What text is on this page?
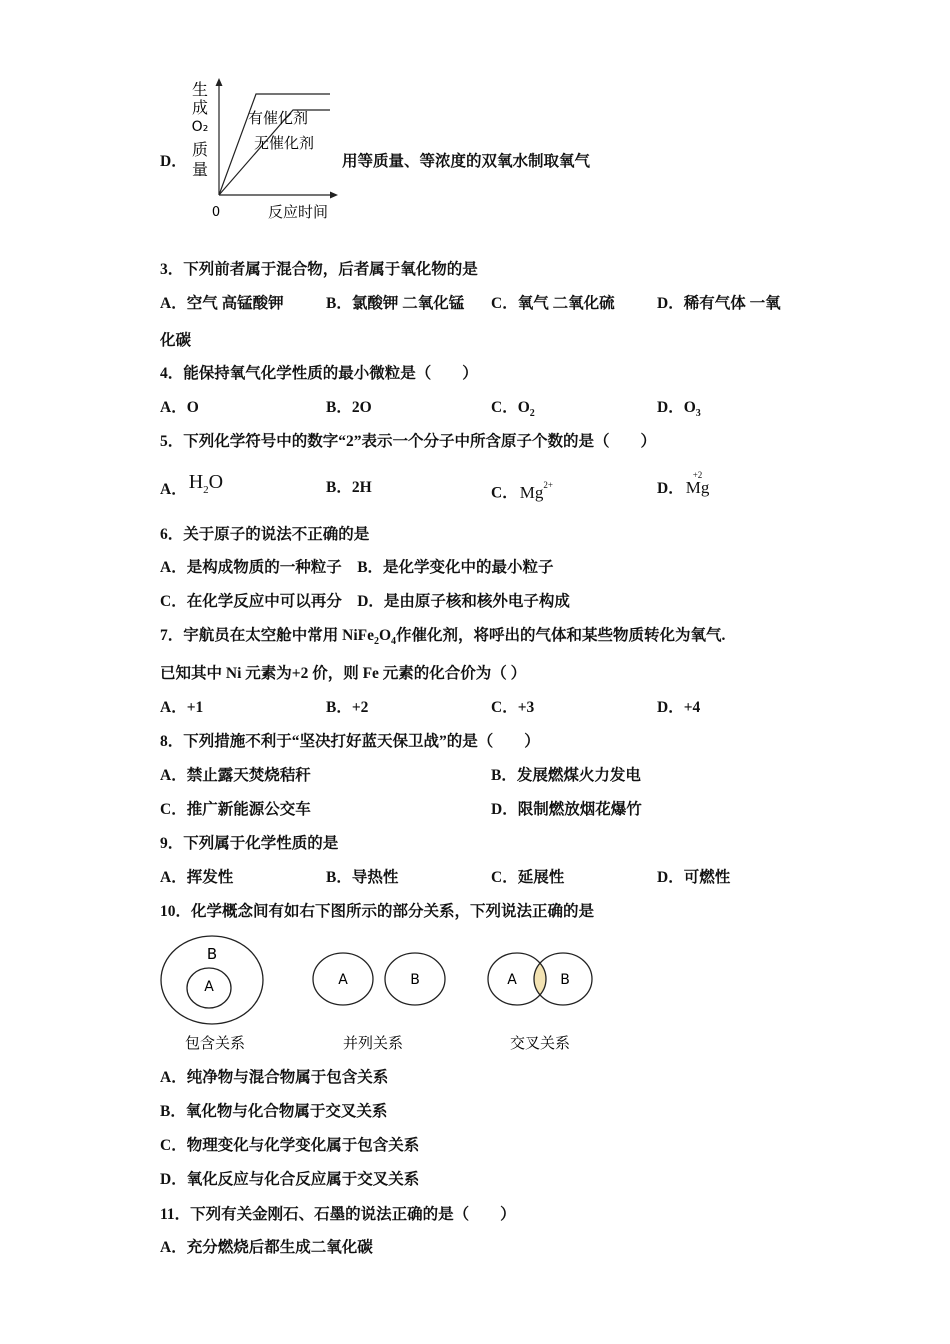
D．
生
成
O₂
质
量
有催化剂
无催化剂
0	反应时间
用等质量、等浓度的双氧水制取氧气
3．下列前者属于混合物，后者属于氧化物的是
A．空气 高锰酸钾	B．氯酸钾 二氧化锰 C．氧气 二氧化硫	D．稀有气体 一氧
化碳
4．能保持氧气化学性质的最小微粒是（　　）
A．O	B．2O	C．$O_2$	D．$O_3$
5．下列化学符号中的数字“2”表示一个分子中所含原子个数的是（　　）
A． $H_2O$	B．2H	C． $Mg^{2+}$	D．
+2
Mg
6．关于原子的说法不正确的是
A．是构成物质的一种粒子　B．是化学变化中的最小粒子
C．在化学反应中可以再分　D．是由原子核和核外电子构成
7．宇航员在太空舱中常用 $NiFe_2O_4$作催化剂，将呼出的气体和某些物质转化为氧气.
已知其中 Ni 元素为+2 价，则 Fe 元素的化合价为（ ）
A．+1	B．+2	C．+3	D．+4
8．下列措施不利于“坚决打好蓝天保卫战”的是（　　）
A．禁止露天焚烧秸秆	B．发展燃煤火力发电
C．推广新能源公交车	D．限制燃放烟花爆竹
9．下列属于化学性质的是
A．挥发性	B．导热性	C．延展性	D．可燃性
10．化学概念间有如右下图所示的部分关系，下列说法正确的是
B
A
包含关系
A	B
并列关系
A	B
交叉关系
A．纯净物与混合物属于包含关系
B．氧化物与化合物属于交叉关系
C．物理变化与化学变化属于包含关系
D．氧化反应与化合反应属于交叉关系
11．下列有关金刚石、石墨的说法正确的是（　　）
A．充分燃烧后都生成二氧化碳
